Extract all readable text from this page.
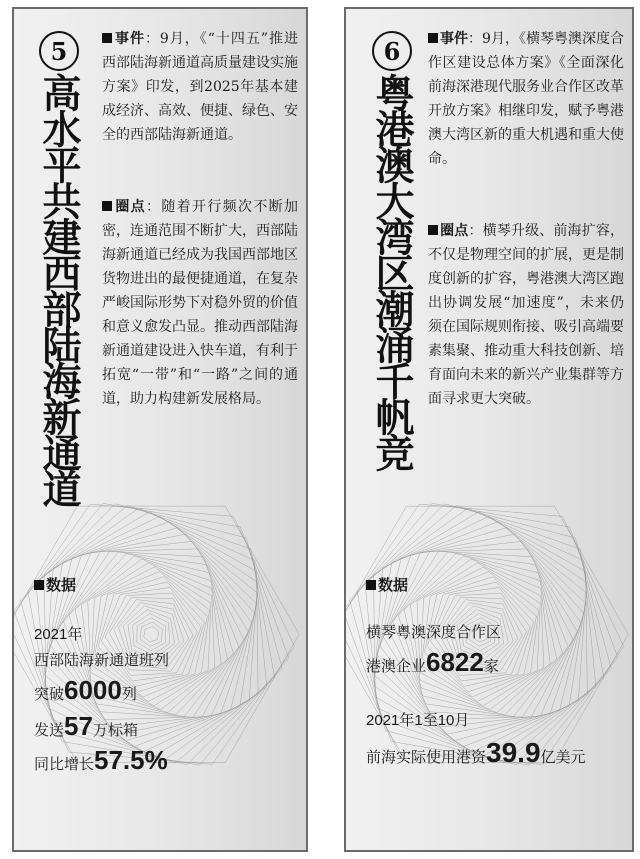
5
高水平共建西部陆海新通道
事件：9月，《“十四五”推进西部陆海新通道高质量建设实施方案》印发，到2025年基本建成经济、高效、便捷、绿色、安全的西部陆海新通道。
圈点：随着开行频次不断加密，连通范围不断扩大，西部陆海新通道已经成为我国西部地区货物进出的最便捷通道，在复杂严峻国际形势下对稳外贸的价值和意义愈发凸显。推动西部陆海新通道建设进入快车道，有利于拓宽“一带”和“一路”之间的通道，助力构建新发展格局。
数据
2021年
西部陆海新通道班列
突破6000列
发送57万标箱
同比增长57.5%
6
粤港澳大湾区潮涌千帆竞
事件：9月，《横琴粤澳深度合作区建设总体方案》《全面深化前海深港现代服务业合作区改革开放方案》相继印发，赋予粤港澳大湾区新的重大机遇和重大使命。
圈点：横琴升级、前海扩容，不仅是物理空间的扩展，更是制度创新的扩容，粤港澳大湾区跑出协调发展“加速度”，未来仍须在国际规则衔接、吸引高端要素集聚、推动重大科技创新、培育面向未来的新兴产业集群等方面寻求更大突破。
数据
横琴粤澳深度合作区
港澳企业6822家
2021年1至10月
前海实际使用港资39.9亿美元
